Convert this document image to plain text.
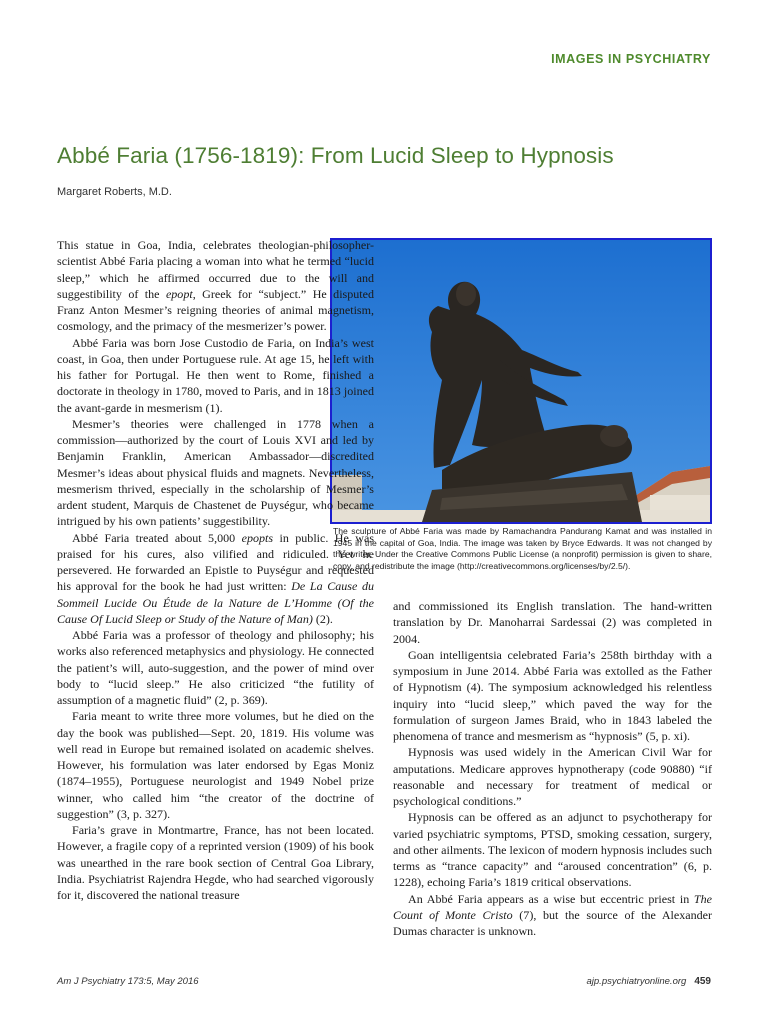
IMAGES IN PSYCHIATRY
Abbé Faria (1756-1819): From Lucid Sleep to Hypnosis
Margaret Roberts, M.D.
The sculpture of Abbé Faria was made by Ramachandra Pandurang Kamat and was installed in 1945 in the capital of Goa, India. The image was taken by Bryce Edwards. It was not changed by this writer. Under the Creative Commons Public License (a nonprofit) permission is given to share, copy, and redistribute the image (http://creativecommons.org/licenses/by/2.5/).

This statue in Goa, India, celebrates theologian-philosopher-scientist Abbé Faria placing a woman into what he termed “lucid sleep,” which he affirmed occurred due to the will and suggestibility of the epopt, Greek for “subject.” He disputed Franz Anton Mesmer’s reigning theories of animal magnetism, cosmology, and the primacy of the mesmerizer’s power.

Abbé Faria was born Jose Custodio de Faria, on India’s west coast, in Goa, then under Portuguese rule. At age 15, he left with his father for Portugal. He then went to Rome, finished a doctorate in theology in 1780, moved to Paris, and in 1813 joined the avant-garde in mesmerism (1).

Mesmer’s theories were challenged in 1778 when a commission—authorized by the court of Louis XVI and led by Benjamin Franklin, American Ambassador—discredited Mesmer’s ideas about physical fluids and magnets. Nevertheless, mesmerism thrived, especially in the scholarship of Mesmer’s ardent student, Marquis de Chastenet de Puységur, who became intrigued by his own patients’ suggestibility.

Abbé Faria treated about 5,000 epopts in public. He was praised for his cures, also vilified and ridiculed. Yet he persevered. He forwarded an Epistle to Puységur and requested his approval for the book he had just written: De La Cause du Sommeil Lucide Ou Étude de la Nature de L’Homme (Of the Cause Of Lucid Sleep or Study of the Nature of Man) (2).

Abbé Faria was a professor of theology and philosophy; his works also referenced metaphysics and physiology. He connected the patient’s will, auto-suggestion, and the power of mind over body to “lucid sleep.” He also criticized “the futility of assumption of a magnetic fluid” (2, p. 369).

Faria meant to write three more volumes, but he died on the day the book was published—Sept. 20, 1819. His volume was well read in Europe but remained isolated on academic shelves. However, his formulation was later endorsed by Egas Moniz (1874–1955), Portuguese neurologist and 1949 Nobel prize winner, who called him “the creator of the doctrine of suggestion” (3, p. 327).

Faria’s grave in Montmartre, France, has not been located. However, a fragile copy of a reprinted version (1909) of his book was unearthed in the rare book section of Central Goa Library, India. Psychiatrist Rajendra Hegde, who had searched vigorously for it, discovered the national treasure

and commissioned its English translation. The hand-written translation by Dr. Manoharrai Sardessai (2) was completed in 2004.

Goan intelligentsia celebrated Faria’s 258th birthday with a symposium in June 2014. Abbé Faria was extolled as the Father of Hypnotism (4). The symposium acknowledged his relentless inquiry into “lucid sleep,” which paved the way for the formulation of surgeon James Braid, who in 1843 labeled the phenomena of trance and mesmerism as “hypnosis” (5, p. xi).

Hypnosis was used widely in the American Civil War for amputations. Medicare approves hypnotherapy (code 90880) “if reasonable and necessary for treatment of medical or psychological conditions.”

Hypnosis can be offered as an adjunct to psychotherapy for varied psychiatric symptoms, PTSD, smoking cessation, surgery, and other ailments. The lexicon of modern hypnosis includes such terms as “trance capacity” and “aroused concentration” (6, p. 1228), echoing Faria’s 1819 critical observations.

An Abbé Faria appears as a wise but eccentric priest in The Count of Monte Cristo (7), but the source of the Alexander Dumas character is unknown.

Am J Psychiatry 173:5, May 2016	ajp.psychiatryonline.org 459
